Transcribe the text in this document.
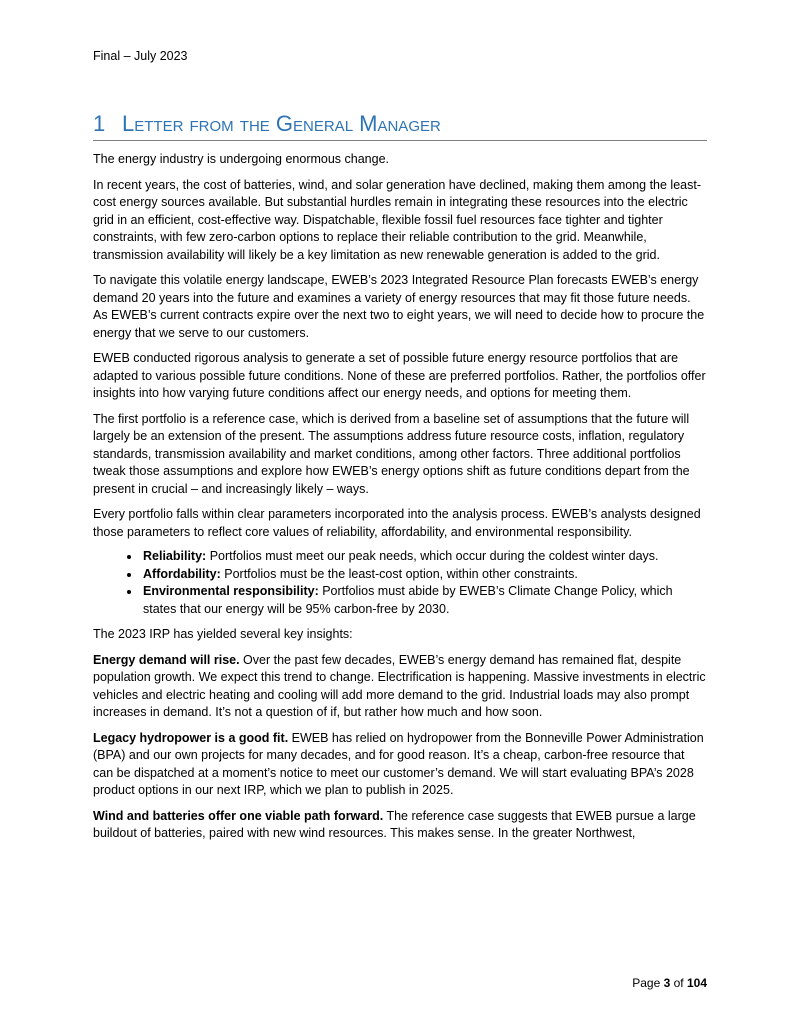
Final – July 2023
1 Letter from the General Manager

The energy industry is undergoing enormous change.

In recent years, the cost of batteries, wind, and solar generation have declined, making them among the least-cost energy sources available. But substantial hurdles remain in integrating these resources into the electric grid in an efficient, cost-effective way. Dispatchable, flexible fossil fuel resources face tighter and tighter constraints, with few zero-carbon options to replace their reliable contribution to the grid. Meanwhile, transmission availability will likely be a key limitation as new renewable generation is added to the grid.

To navigate this volatile energy landscape, EWEB’s 2023 Integrated Resource Plan forecasts EWEB’s energy demand 20 years into the future and examines a variety of energy resources that may fit those future needs. As EWEB’s current contracts expire over the next two to eight years, we will need to decide how to procure the energy that we serve to our customers.

EWEB conducted rigorous analysis to generate a set of possible future energy resource portfolios that are adapted to various possible future conditions. None of these are preferred portfolios. Rather, the portfolios offer insights into how varying future conditions affect our energy needs, and options for meeting them.

The first portfolio is a reference case, which is derived from a baseline set of assumptions that the future will largely be an extension of the present. The assumptions address future resource costs, inflation, regulatory standards, transmission availability and market conditions, among other factors. Three additional portfolios tweak those assumptions and explore how EWEB’s energy options shift as future conditions depart from the present in crucial – and increasingly likely – ways.

Every portfolio falls within clear parameters incorporated into the analysis process. EWEB’s analysts designed those parameters to reflect core values of reliability, affordability, and environmental responsibility.

• Reliability: Portfolios must meet our peak needs, which occur during the coldest winter days.
• Affordability: Portfolios must be the least-cost option, within other constraints.
• Environmental responsibility: Portfolios must abide by EWEB’s Climate Change Policy, which states that our energy will be 95% carbon-free by 2030.

The 2023 IRP has yielded several key insights:

Energy demand will rise. Over the past few decades, EWEB’s energy demand has remained flat, despite population growth. We expect this trend to change. Electrification is happening. Massive investments in electric vehicles and electric heating and cooling will add more demand to the grid. Industrial loads may also prompt increases in demand. It’s not a question of if, but rather how much and how soon.

Legacy hydropower is a good fit. EWEB has relied on hydropower from the Bonneville Power Administration (BPA) and our own projects for many decades, and for good reason. It’s a cheap, carbon-free resource that can be dispatched at a moment’s notice to meet our customer’s demand. We will start evaluating BPA’s 2028 product options in our next IRP, which we plan to publish in 2025.

Wind and batteries offer one viable path forward. The reference case suggests that EWEB pursue a large buildout of batteries, paired with new wind resources. This makes sense. In the greater Northwest,

Page 3 of 104
